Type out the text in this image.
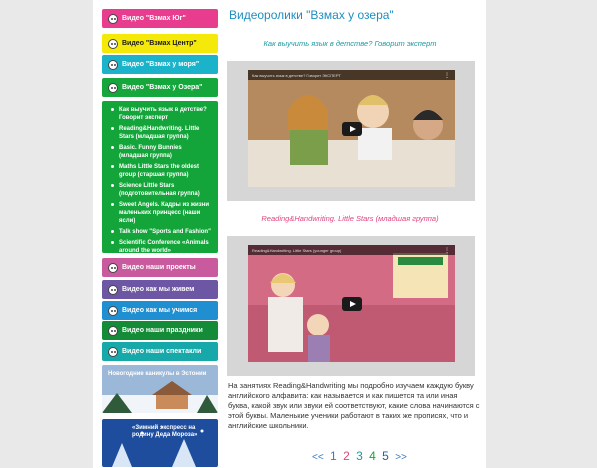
Видео "Взмах Юг"
Видео "Взмах Центр"
Видео "Взмах у моря"
Видео "Взмах у Озера"
Как выучить язык в детстве? Говорит эксперт
Reading&Handwriting. Little Stars (младшая группа)
Basic. Funny Bunnies (младшая группа)
Maths Little Stars the oldest group (старшая группа)
Science Little Stars (подготовительная группа)
Sweet Angels. Кадры из жизни маленьких принцесс (наши ясли)
Talk show "Sports and Fashion"
Scientific Conference «Animals around the world»
Видео наши проекты
Видео как мы живем
Видео как мы учимся
Видео наши праздники
Видео наши спектакли
Новогодние каникулы в Эстонии
«Зимний экспресс на родину Деда Мороза»
Видеоролики "Взмах у озера"
Как выучить язык в детстве? Говорит эксперт
Как выучить язык в детстве? Говорит ЭКСПЕРТ	⋮
Reading&Handwriting. Little Stars (младшая группа)
Reading&Handwriting. Little Stars (younger group)	⋮
На занятиях Reading&Handwriting мы подробно изучаем каждую букву английского алфавита: как называется и как пишется та или иная буква, какой звук или звуки ей соответствуют, какие слова начинаются с этой буквы. Маленькие ученики работают в таких же прописях, что и английские школьники.
<< 1 2 3 4 5 >>
